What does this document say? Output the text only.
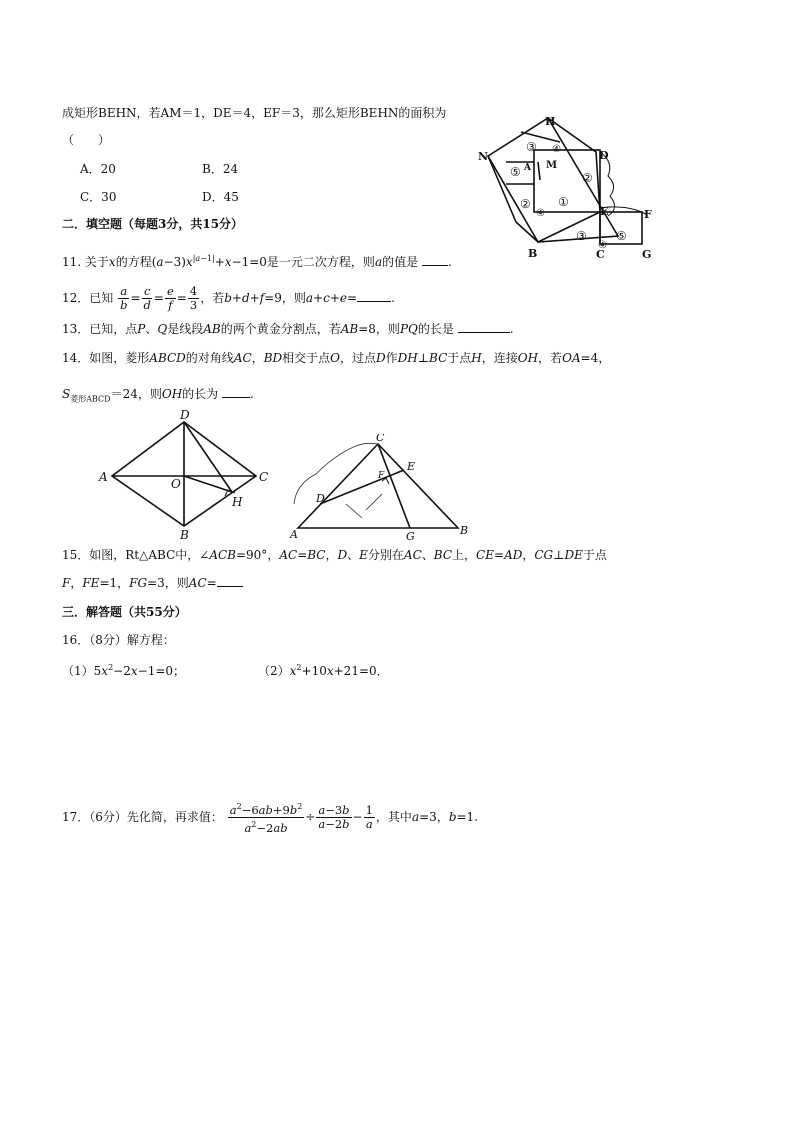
成矩形BEHN，若AM＝1，DE＝4，EF＝3，那么矩形BEHN的面积为
（　　）
A．20	B．24
C．30	D．45
H
N
A M
D
B
E	F
C	G
③ ④
⑤
①
②
②
④
③
④
⑤
二．填空题（每题3分，共15分）
11. 关于x的方程$(a-3)x^{|a-1|}+x-1=0$是一元二次方程，则a的值是 .
12．已知 $\frac{a}{b} = \frac{c}{d} = \frac{e}{f} = \frac{4}{3}$ ，若b+d+f=9，则a+c+e=	.
13．已知，点P、Q是线段AB的两个黄金分割点，若AB=8，则PQ的长是	.
14．如图，菱形ABCD的对角线AC，BD相交于点O，过点D作DH⊥BC于点H，连接OH，若OA=4，
$S_{菱形ABCD}=24$，则OH的长为	.
D
A	O	C
H
B
C
E
F
D
A	G	B
15．如图，Rt△ABC中，∠ACB=90°，AC=BC，D、E分别在AC、BC上，CE=AD，CG⊥DE于点
F，FE=1，FG=3，则AC=
三．解答题（共55分）
16．（8分）解方程：
$(1)5x^2-2x-1=0$；	$(2)x^2+10x+21=0$．
17．（6分）先化简，再求值： $\frac{a^2-6ab+9b^2}{a^2-2ab} \div \frac{a-3b}{a-2b} - \frac{1}{a}$ ，其中a=3，b=1.
